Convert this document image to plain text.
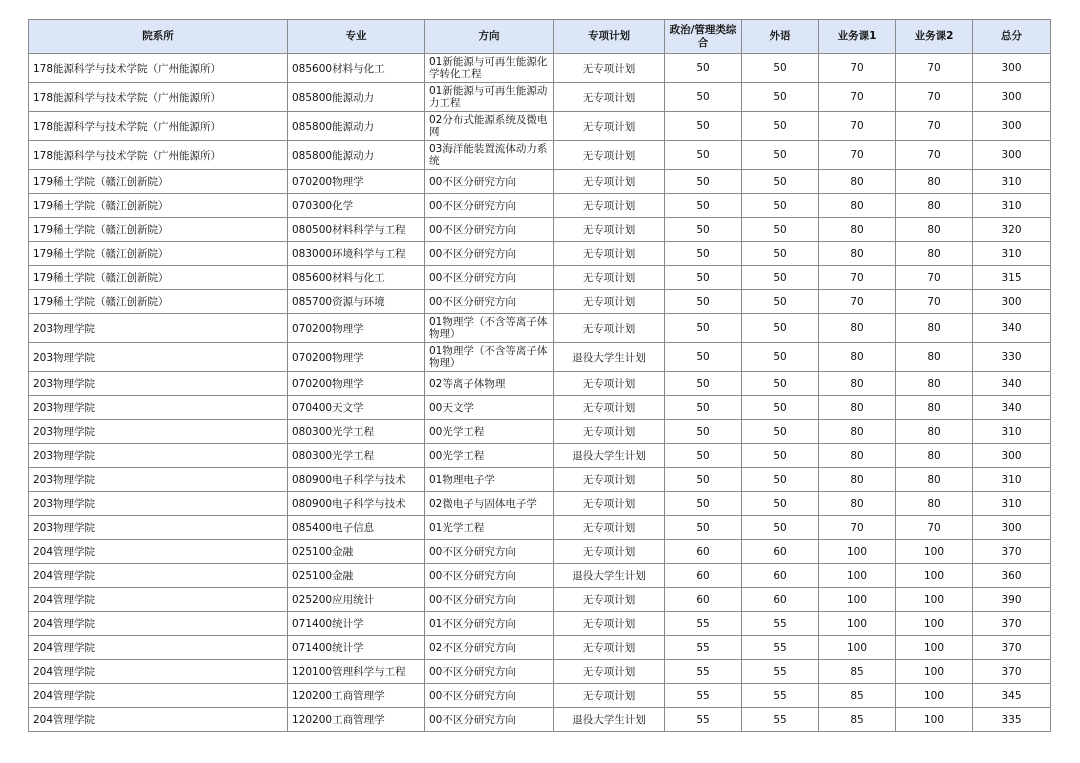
院系所	专业	方向	专项计划	政治/管理类综合	外语	业务课1	业务课2	总分
178能源科学与技术学院（广州能源所）	085600材料与化工	01新能源与可再生能源化学转化工程	无专项计划	50	50	70	70	300
178能源科学与技术学院（广州能源所）	085800能源动力	01新能源与可再生能源动力工程	无专项计划	50	50	70	70	300
178能源科学与技术学院（广州能源所）	085800能源动力	02分布式能源系统及微电网	无专项计划	50	50	70	70	300
178能源科学与技术学院（广州能源所）	085800能源动力	03海洋能装置流体动力系统	无专项计划	50	50	70	70	300
179稀土学院（赣江创新院）	070200物理学	00不区分研究方向	无专项计划	50	50	80	80	310
179稀土学院（赣江创新院）	070300化学	00不区分研究方向	无专项计划	50	50	80	80	310
179稀土学院（赣江创新院）	080500材料科学与工程	00不区分研究方向	无专项计划	50	50	80	80	320
179稀土学院（赣江创新院）	083000环境科学与工程	00不区分研究方向	无专项计划	50	50	80	80	310
179稀土学院（赣江创新院）	085600材料与化工	00不区分研究方向	无专项计划	50	50	70	70	315
179稀土学院（赣江创新院）	085700资源与环境	00不区分研究方向	无专项计划	50	50	70	70	300
203物理学院	070200物理学	01物理学（不含等离子体物理）	无专项计划	50	50	80	80	340
203物理学院	070200物理学	01物理学（不含等离子体物理）	退役大学生计划	50	50	80	80	330
203物理学院	070200物理学	02等离子体物理	无专项计划	50	50	80	80	340
203物理学院	070400天文学	00天文学	无专项计划	50	50	80	80	340
203物理学院	080300光学工程	00光学工程	无专项计划	50	50	80	80	310
203物理学院	080300光学工程	00光学工程	退役大学生计划	50	50	80	80	300
203物理学院	080900电子科学与技术	01物理电子学	无专项计划	50	50	80	80	310
203物理学院	080900电子科学与技术	02微电子与固体电子学	无专项计划	50	50	80	80	310
203物理学院	085400电子信息	01光学工程	无专项计划	50	50	70	70	300
204管理学院	025100金融	00不区分研究方向	无专项计划	60	60	100	100	370
204管理学院	025100金融	00不区分研究方向	退役大学生计划	60	60	100	100	360
204管理学院	025200应用统计	00不区分研究方向	无专项计划	60	60	100	100	390
204管理学院	071400统计学	01不区分研究方向	无专项计划	55	55	100	100	370
204管理学院	071400统计学	02不区分研究方向	无专项计划	55	55	100	100	370
204管理学院	120100管理科学与工程	00不区分研究方向	无专项计划	55	55	85	100	370
204管理学院	120200工商管理学	00不区分研究方向	无专项计划	55	55	85	100	345
204管理学院	120200工商管理学	00不区分研究方向	退役大学生计划	55	55	85	100	335
